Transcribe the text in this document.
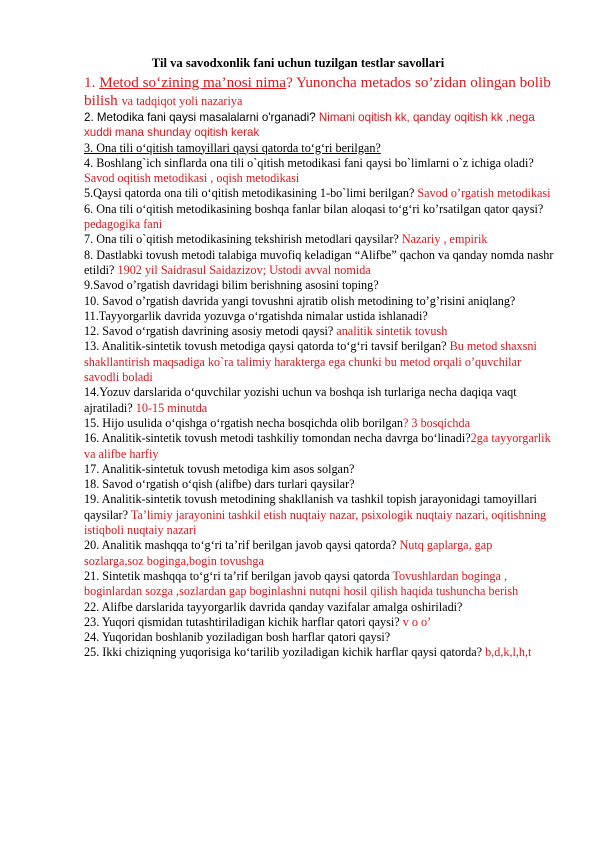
Til va savodxonlik fani uchun tuzilgan testlar savollari

1. Metod so‘zining ma’nosi nima? Yunoncha metados so’zidan olingan bolib bilish va tadqiqot yoli nazariya

2. Metodika fani qaysi masalalarni o'rganadi? Nimani oqitish kk, qanday oqitish kk ,nega xuddi mana shunday oqitish kerak

3. Ona tili o‘qitish tamoyillari qaysi qatorda to‘g‘ri berilgan?

4. Boshlang`ich sinflarda ona tili o`qitish metodikasi fani qaysi bo`limlarni o`z ichiga oladi? Savod oqitish metodikasi , oqish metodikasi

5.Qaysi qatorda ona tili o‘qitish metodikasining 1-bo`limi berilgan? Savod o’rgatish metodikasi

6. Ona tili o‘qitish metodikasining boshqa fanlar bilan aloqasi to‘g‘ri ko’rsatilgan qator qaysi? pedagogika fani

7. Ona tili o`qitish metodikasining tekshirish metodlari qaysilar? Nazariy , empirik

8. Dastlabki tovush metodi talabiga muvofiq keladigan “Alifbe” qachon va qanday nomda nashr etildi? 1902 yil Saidrasul Saidazizov; Ustodi avval nomida

9.Savod o’rgatish davridagi bilim berishning asosini toping?

10. Savod o’rgatish davrida yangi tovushni ajratib olish metodining to’g’risini aniqlang?

11.Tayyorgarlik davrida yozuvga o‘rgatishda nimalar ustida ishlanadi?

12. Savod o‘rgatish davrining asosiy metodi qaysi? analitik sintetik tovush

13. Analitik-sintetik tovush metodiga qaysi qatorda to‘g‘ri tavsif berilgan? Bu metod shaxsni shakllantirish maqsadiga ko`ra talimiy harakterga ega chunki bu metod orqali o’quvchilar savodli boladi

14.Yozuv darslarida o‘quvchilar yozishi uchun va boshqa ish turlariga necha daqiqa vaqt ajratiladi? 10-15 minutda

15. Hijo usulida o‘qishga o‘rgatish necha bosqichda olib borilgan? 3 bosqichda

16. Analitik-sintetik tovush metodi tashkiliy tomondan necha davrga bo‘linadi?2ga tayyorgarlik va alifbe harfiy

17. Analitik-sintetuk tovush metodiga kim asos solgan?

18. Savod o‘rgatish o‘qish (alifbe) dars turlari qaysilar?

19. Analitik-sintetik tovush metodining shakllanish va tashkil topish jarayonidagi tamoyillari qaysilar? Ta’limiy jarayonini tashkil etish nuqtaiy nazar, psixologik nuqtaiy nazari, oqitishning istiqboli nuqtaiy nazari

20. Analitik mashqqa to‘g‘ri ta’rif berilgan javob qaysi qatorda? Nutq gaplarga, gap sozlarga,soz boginga,bogin tovushga

21. Sintetik mashqqa to‘g‘ri ta’rif berilgan javob qaysi qatorda Tovushlardan boginga , boginlardan sozga ,sozlardan gap boginlashni nutqni hosil qilish haqida tushuncha berish

22. Alifbe darslarida tayyorgarlik davrida qanday vazifalar amalga oshiriladi?

23. Yuqori qismidan tutashtiriladigan kichik harflar qatori qaysi? v o o’

24. Yuqoridan boshlanib yoziladigan bosh harflar qatori qaysi?

25. Ikki chiziqning yuqorisiga ko‘tarilib yoziladigan kichik harflar qaysi qatorda? b,d,k,l,h,t
